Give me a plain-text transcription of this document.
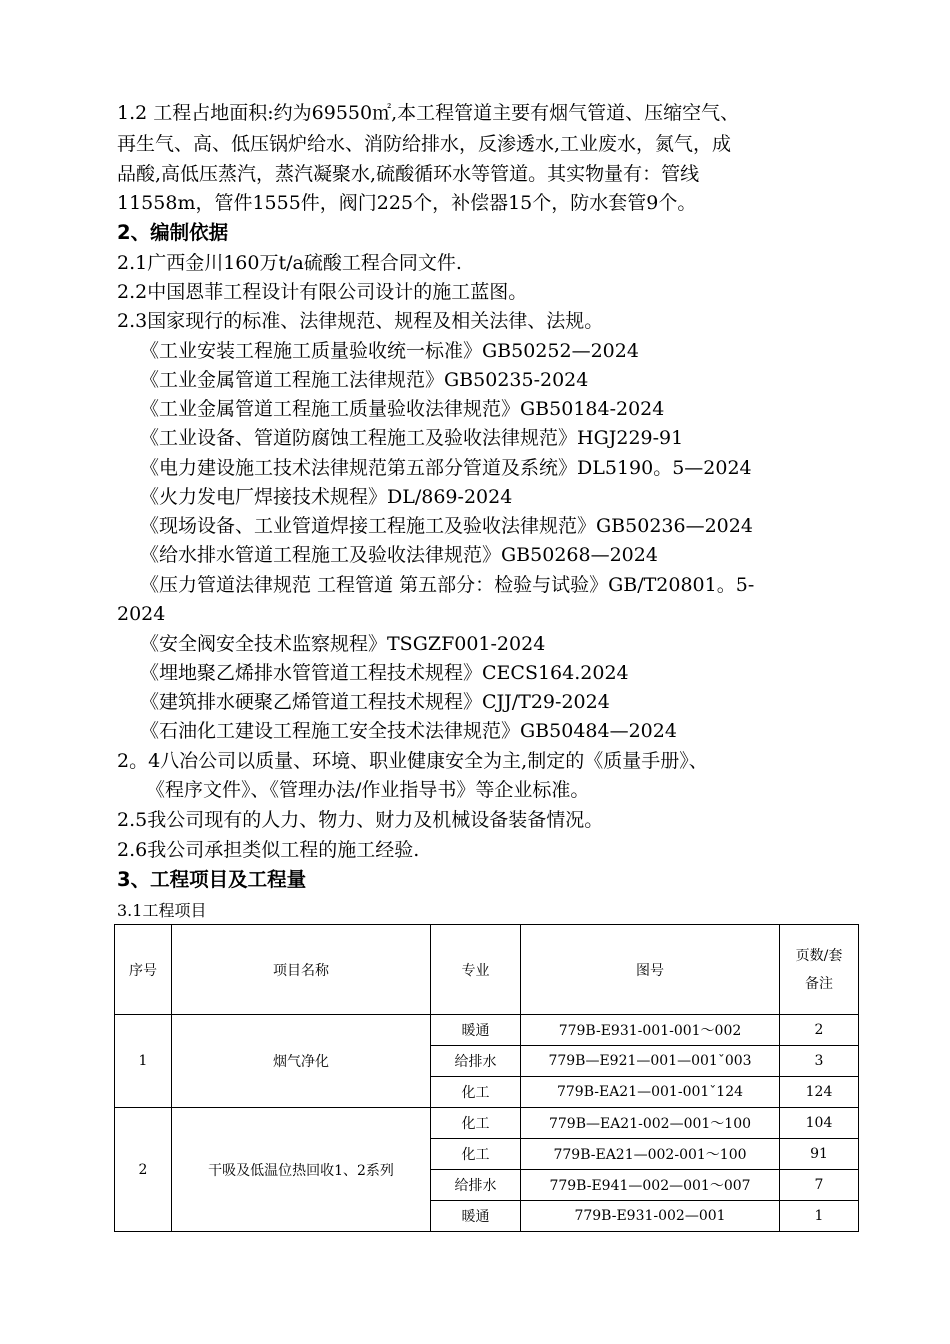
1.2 工程占地面积:约为69550㎡,本工程管道主要有烟气管道、压缩空气、
再生气、高、低压锅炉给水、消防给排水，反渗透水,工业废水，氮气，成
品酸,高低压蒸汽，蒸汽凝聚水,硫酸循环水等管道。其实物量有：管线
11558m，管件1555件，阀门225个，补偿器15个，防水套管9个。
2、编制依据
2.1广西金川160万t/a硫酸工程合同文件.
2.2中国恩菲工程设计有限公司设计的施工蓝图。
2.3国家现行的标准、法律规范、规程及相关法律、法规。
《工业安装工程施工质量验收统一标准》GB50252—2024
《工业金属管道工程施工法律规范》GB50235-2024
《工业金属管道工程施工质量验收法律规范》GB50184-2024
《工业设备、管道防腐蚀工程施工及验收法律规范》HGJ229-91
《电力建设施工技术法律规范第五部分管道及系统》DL5190。5—2024
《火力发电厂焊接技术规程》DL/869-2024
《现场设备、工业管道焊接工程施工及验收法律规范》GB50236—2024
《给水排水管道工程施工及验收法律规范》GB50268—2024
《压力管道法律规范 工程管道 第五部分：检验与试验》GB/T20801。5-
2024
《安全阀安全技术监察规程》TSGZF001-2024
《埋地聚乙烯排水管管道工程技术规程》CECS164.2024
《建筑排水硬聚乙烯管道工程技术规程》CJJ/T29-2024
《石油化工建设工程施工安全技术法律规范》GB50484—2024
2。4八冶公司以质量、环境、职业健康安全为主,制定的《质量手册》、
《程序文件》、《管理办法/作业指导书》等企业标准。
2.5我公司现有的人力、物力、财力及机械设备装备情况。
2.6我公司承担类似工程的施工经验.
3、工程项目及工程量
3.1工程项目
序号	项目名称	专业	图号	页数/套
备注

1	烟气净化	暖通	779B-E931-001-001～002	2
		给排水	779B—E921—001—001ˇ003	3
		化工	779B-EA21—001-001ˇ124	124
2	干吸及低温位热回收1、2系列	化工	779B—EA21-002—001～100	104
		化工	779B-EA21—002-001～100	91
		给排水	779B-E941—002—001～007	7
		暖通	779B-E931-002—001	1
